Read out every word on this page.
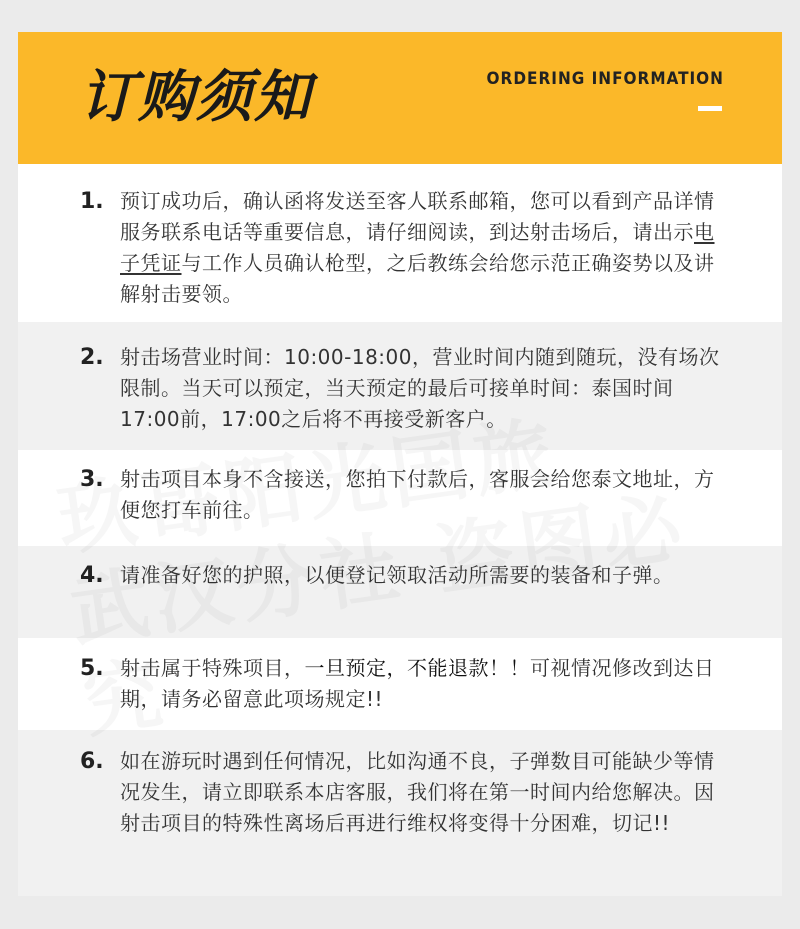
订购须知	ORDERING INFORMATION
1. 预订成功后，确认函将发送至客人联系邮箱，您可以看到产品详情服务联系电话等重要信息，请仔细阅读，到达射击场后，请出示电子凭证与工作人员确认枪型，之后教练会给您示范正确姿势以及讲解射击要领。
2. 射击场营业时间：10:00-18:00，营业时间内随到随玩，没有场次限制。当天可以预定，当天预定的最后可接单时间：泰国时间17:00前，17:00之后将不再接受新客户。
3. 射击项目本身不含接送，您拍下付款后，客服会给您泰文地址，方便您打车前往。
4. 请准备好您的护照，以便登记领取活动所需要的装备和子弹。
5. 射击属于特殊项目，一旦预定，不能退款！！可视情况修改到达日期，请务必留意此项场规定!!
6. 如在游玩时遇到任何情况，比如沟通不良，子弹数目可能缺少等情况发生，请立即联系本店客服，我们将在第一时间内给您解决。因射击项目的特殊性离场后再进行维权将变得十分困难，切记!!
